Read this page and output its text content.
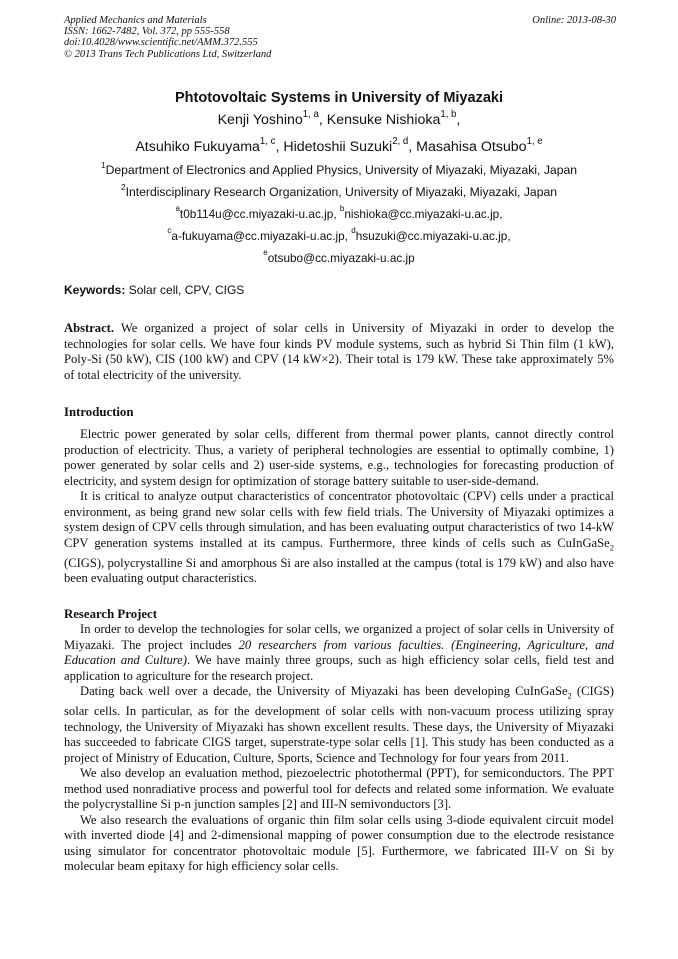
Applied Mechanics and Materials
ISSN: 1662-7482, Vol. 372, pp 555-558
doi:10.4028/www.scientific.net/AMM.372.555
© 2013 Trans Tech Publications Ltd, Switzerland
Online: 2013-08-30
Phtotovoltaic Systems in University of Miyazaki
Kenji Yoshino$^{1, a}$, Kensuke Nishioka$^{1, b}$,
Atsuhiko Fukuyama$^{1, c}$, Hidetoshii Suzuki$^{2, d}$, Masahisa Otsubo$^{1, e}$
$^1$Department of Electronics and Applied Physics, University of Miyazaki, Miyazaki, Japan
$^2$Interdisciplinary Research Organization, University of Miyazaki, Miyazaki, Japan
$^a$t0b114u@cc.miyazaki-u.ac.jp, $^b$nishioka@cc.miyazaki-u.ac.jp,
$^c$a-fukuyama@cc.miyazaki-u.ac.jp, $^d$hsuzuki@cc.miyazaki-u.ac.jp,
$^e$otsubo@cc.miyazaki-u.ac.jp
Keywords: Solar cell, CPV, CIGS

Abstract. We organized a project of solar cells in University of Miyazaki in order to develop the technologies for solar cells. We have four kinds PV module systems, such as hybrid Si Thin film (1 kW), Poly-Si (50 kW), CIS (100 kW) and CPV (14 kW×2). Their total is 179 kW. These take approximately 5% of total electricity of the university.

Introduction

Electric power generated by solar cells, different from thermal power plants, cannot directly control production of electricity. Thus, a variety of peripheral technologies are essential to optimally combine, 1) power generated by solar cells and 2) user-side systems, e.g., technologies for forecasting production of electricity, and system design for optimization of storage battery suitable to user-side-demand.

It is critical to analyze output characteristics of concentrator photovoltaic (CPV) cells under a practical environment, as being grand new solar cells with few field trials. The University of Miyazaki optimizes a system design of CPV cells through simulation, and has been evaluating output characteristics of two 14-kW CPV generation systems installed at its campus. Furthermore, three kinds of cells such as CuInGaSe$_2$ (CIGS), polycrystalline Si and amorphous Si are also installed at the campus (total is 179 kW) and also have been evaluating output characteristics.

Research Project

In order to develop the technologies for solar cells, we organized a project of solar cells in University of Miyazaki. The project includes 20 researchers from various faculties. (Engineering, Agriculture, and Education and Culture). We have mainly three groups, such as high efficiency solar cells, field test and application to agriculture for the research project.

Dating back well over a decade, the University of Miyazaki has been developing CuInGaSe$_2$ (CIGS) solar cells. In particular, as for the development of solar cells with non-vacuum process utilizing spray technology, the University of Miyazaki has shown excellent results. These days, the University of Miyazaki has succeeded to fabricate CIGS target, superstrate-type solar cells [1]. This study has been conducted as a project of Ministry of Education, Culture, Sports, Science and Technology for four years from 2011.

We also develop an evaluation method, piezoelectric photothermal (PPT), for semiconductors. The PPT method used nonradiative process and powerful tool for defects and related some information. We evaluate the polycrystalline Si p-n junction samples [2] and III-N semivonductors [3].

We also research the evaluations of organic thin film solar cells using 3-diode equivalent circuit model with inverted diode [4] and 2-dimensional mapping of power consumption due to the electrode resistance using simulator for concentrator photovoltaic module [5]. Furthermore, we fabricated III-V on Si by molecular beam epitaxy for high efficiency solar cells.
